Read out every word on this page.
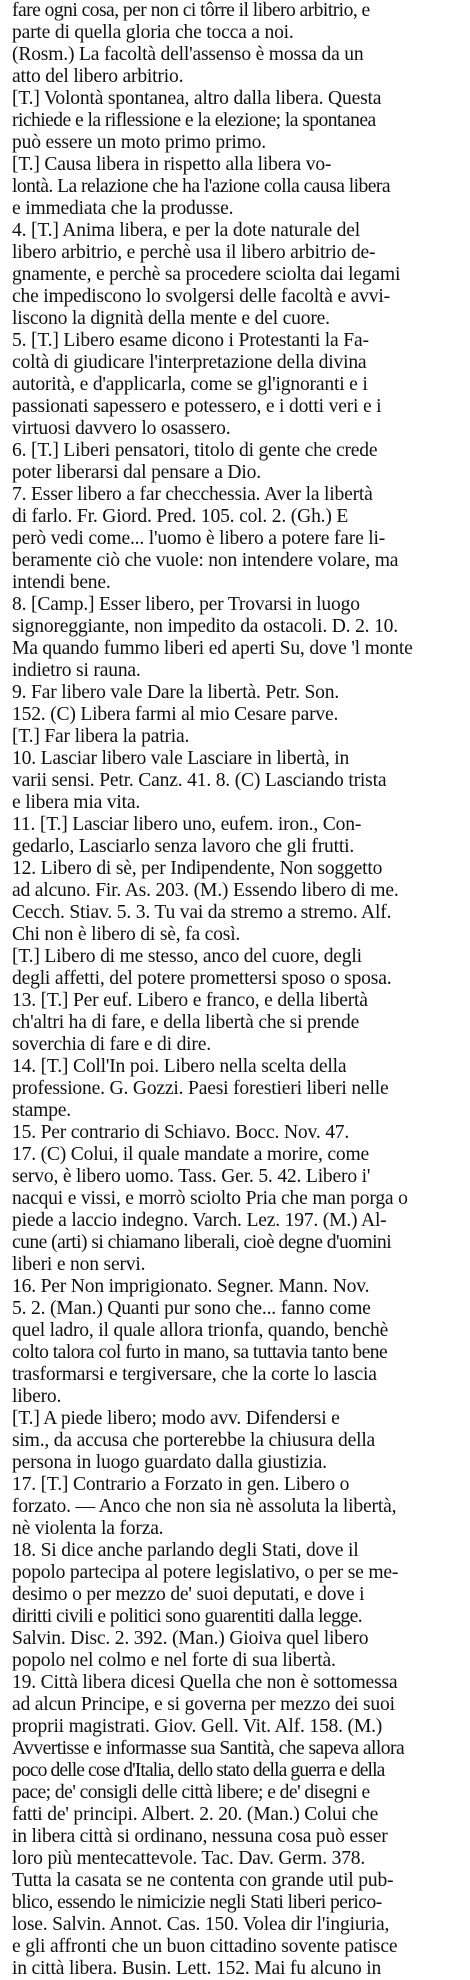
fare ogni cosa, per non ci tôrre il libero arbitrio, e
parte di quella gloria che tocca a noi.
(Rosm.) La facoltà dell'assenso è mossa da un
atto del libero arbitrio.
[T.] Volontà spontanea, altro dalla libera. Questa
richiede e la riflessione e la elezione; la spontanea
può essere un moto primo primo.
[T.] Causa libera in rispetto alla libera vo-
lontà. La relazione che ha l'azione colla causa libera
e immediata che la produsse.
4. [T.] Anima libera, e per la dote naturale del
libero arbitrio, e perchè usa il libero arbitrio de-
gnamente, e perchè sa procedere sciolta dai legami
che impediscono lo svolgersi delle facoltà e avvi-
liscono la dignità della mente e del cuore.
5. [T.] Libero esame dicono i Protestanti la Fa-
coltà di giudicare l'interpretazione della divina
autorità, e d'applicarla, come se gl'ignoranti e i
passionati sapessero e potessero, e i dotti veri e i
virtuosi davvero lo osassero.
6. [T.] Liberi pensatori, titolo di gente che crede
poter liberarsi dal pensare a Dio.
7. Esser libero a far checchessia. Aver la libertà
di farlo. Fr. Giord. Pred. 105. col. 2. (Gh.) E
però vedi come... l'uomo è libero a potere fare li-
beramente ciò che vuole: non intendere volare, ma
intendi bene.
8. [Camp.] Esser libero, per Trovarsi in luogo
signoreggiante, non impedito da ostacoli. D. 2. 10.
Ma quando fummo liberi ed aperti Su, dove 'l monte
indietro si rauna.
9. Far libero vale Dare la libertà. Petr. Son.
152. (C) Libera farmi al mio Cesare parve.
[T.] Far libera la patria.
10. Lasciar libero vale Lasciare in libertà, in
varii sensi. Petr. Canz. 41. 8. (C) Lasciando trista
e libera mia vita.
11. [T.] Lasciar libero uno, eufem. iron., Con-
gedarlo, Lasciarlo senza lavoro che gli frutti.
12. Libero di sè, per Indipendente, Non soggetto
ad alcuno. Fir. As. 203. (M.) Essendo libero di me.
Cecch. Stiav. 5. 3. Tu vai da stremo a stremo. Alf.
Chi non è libero di sè, fa così.
[T.] Libero di me stesso, anco del cuore, degli
degli affetti, del potere promettersi sposo o sposa.
13. [T.] Per euf. Libero e franco, e della libertà
ch'altri ha di fare, e della libertà che si prende
soverchia di fare e di dire.
14. [T.] Coll'In poi. Libero nella scelta della
professione. G. Gozzi. Paesi forestieri liberi nelle
stampe.
15. Per contrario di Schiavo. Bocc. Nov. 47.
17. (C) Colui, il quale mandate a morire, come
servo, è libero uomo. Tass. Ger. 5. 42. Libero i'
nacqui e vissi, e morrò sciolto Pria che man porga o
piede a laccio indegno. Varch. Lez. 197. (M.) Al-
cune (arti) si chiamano liberali, cioè degne d'uomini
liberi e non servi.
16. Per Non imprigionato. Segner. Mann. Nov.
5. 2. (Man.) Quanti pur sono che... fanno come
quel ladro, il quale allora trionfa, quando, benchè
colto talora col furto in mano, sa tuttavia tanto bene
trasformarsi e tergiversare, che la corte lo lascia
libero.
[T.] A piede libero; modo avv. Difendersi e
sim., da accusa che porterebbe la chiusura della
persona in luogo guardato dalla giustizia.
17. [T.] Contrario a Forzato in gen. Libero o
forzato. — Anco che non sia nè assoluta la libertà,
nè violenta la forza.
18. Si dice anche parlando degli Stati, dove il
popolo partecipa al potere legislativo, o per se me-
desimo o per mezzo de' suoi deputati, e dove i
diritti civili e politici sono guarentiti dalla legge.
Salvin. Disc. 2. 392. (Man.) Gioiva quel libero
popolo nel colmo e nel forte di sua libertà.
19. Città libera dicesi Quella che non è sottomessa
ad alcun Principe, e si governa per mezzo dei suoi
proprii magistrati. Giov. Gell. Vit. Alf. 158. (M.)
Avvertisse e informasse sua Santità, che sapeva allora
poco delle cose d'Italia, dello stato della guerra e della
pace; de' consigli delle città libere; e de' disegni e
fatti de' principi. Albert. 2. 20. (Man.) Colui che
in libera città si ordinano, nessuna cosa può esser
loro più mentecattevole. Tac. Dav. Germ. 378.
Tutta la casata se ne contenta con grande util pub-
blico, essendo le nimicizie negli Stati liberi perico-
lose. Salvin. Annot. Cas. 150. Volea dir l'ingiuria,
e gli affronti che un buon cittadino sovente patisce
in città libera. Busin. Lett. 152. Mai fu alcuno in
